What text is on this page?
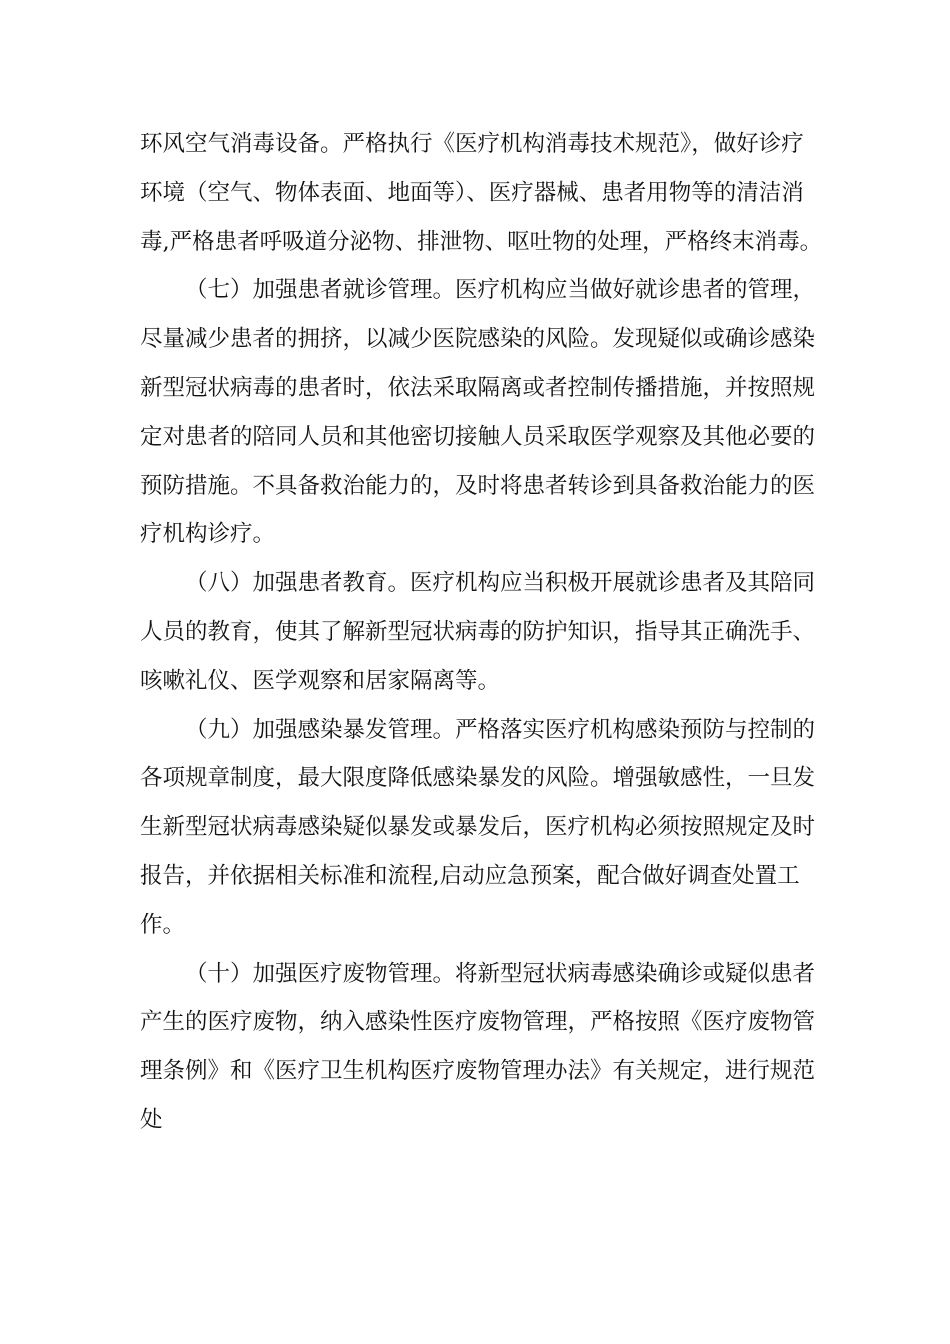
环风空气消毒设备。严格执行《医疗机构消毒技术规范》，做好诊疗
环境（空气、物体表面、地面等）、医疗器械、患者用物等的清洁消
毒,严格患者呼吸道分泌物、排泄物、呕吐物的处理，严格终末消毒。
（七）加强患者就诊管理。医疗机构应当做好就诊患者的管理，
尽量减少患者的拥挤，以减少医院感染的风险。发现疑似或确诊感染
新型冠状病毒的患者时，依法采取隔离或者控制传播措施，并按照规
定对患者的陪同人员和其他密切接触人员采取医学观察及其他必要的
预防措施。不具备救治能力的，及时将患者转诊到具备救治能力的医
疗机构诊疗。
（八）加强患者教育。医疗机构应当积极开展就诊患者及其陪同
人员的教育，使其了解新型冠状病毒的防护知识，指导其正确洗手、
咳嗽礼仪、医学观察和居家隔离等。
（九）加强感染暴发管理。严格落实医疗机构感染预防与控制的
各项规章制度，最大限度降低感染暴发的风险。增强敏感性，一旦发
生新型冠状病毒感染疑似暴发或暴发后，医疗机构必须按照规定及时
报告，并依据相关标准和流程,启动应急预案，配合做好调查处置工
作。
（十）加强医疗废物管理。将新型冠状病毒感染确诊或疑似患者
产生的医疗废物，纳入感染性医疗废物管理，严格按照《医疗废物管
理条例》和《医疗卫生机构医疗废物管理办法》有关规定，进行规范
处
